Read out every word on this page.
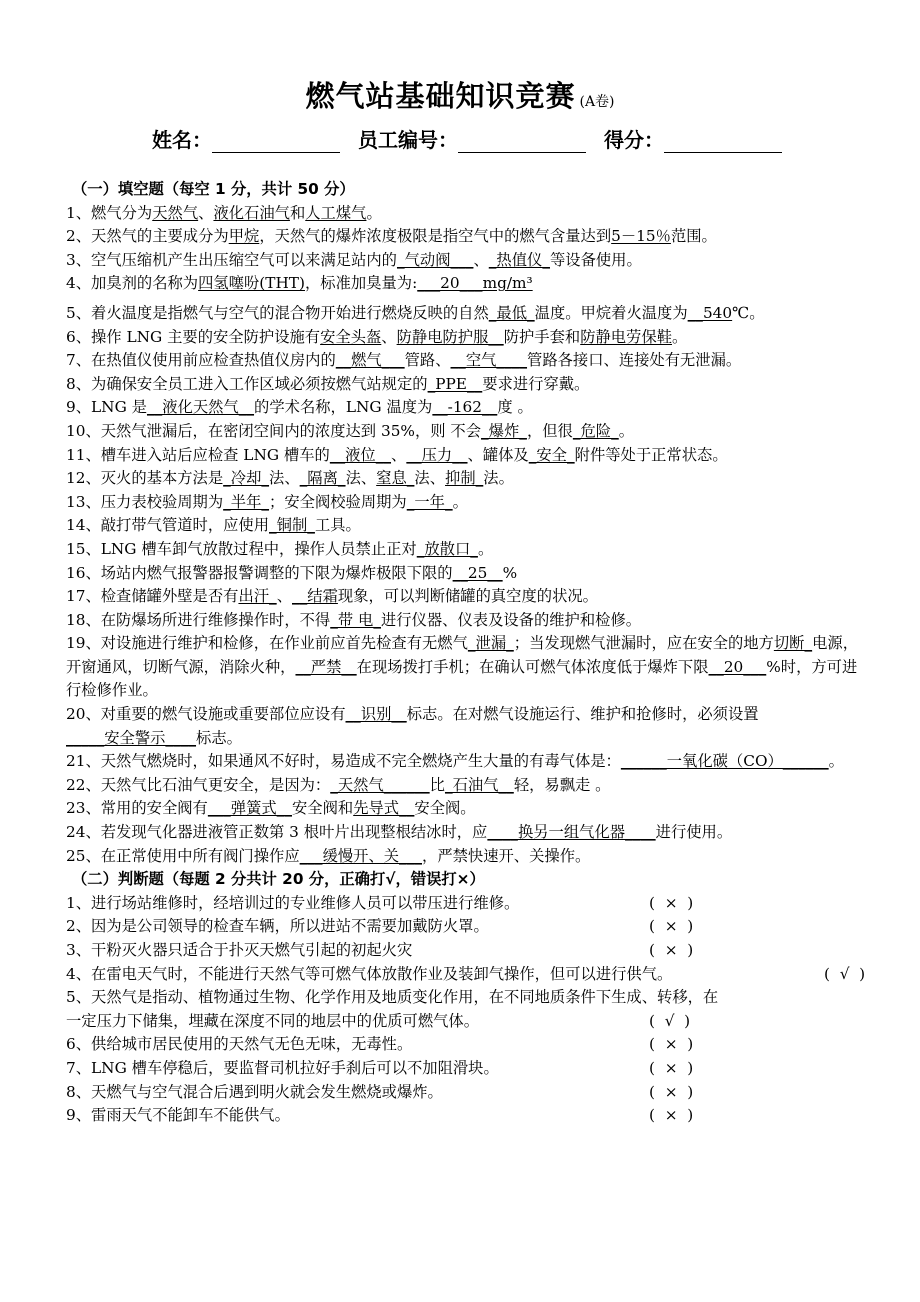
燃气站基础知识竞赛 (A卷)
姓名：	员工编号：	得分：
（一）填空题（每空 1 分，共计 50 分）
1、燃气分为天然气、液化石油气和人工煤气。
2、天然气的主要成分为甲烷，天然气的爆炸浓度极限是指空气中的燃气含量达到5－15％范围。
3、空气压缩机产生出压缩空气可以来满足站内的_气动阀___、_热值仪_等设备使用。
4、加臭剂的名称为四氢噻吩(THT)，标准加臭量为:___20___mg/m³
5、着火温度是指燃气与空气的混合物开始进行燃烧反映的自然_最低_温度。甲烷着火温度为__540℃。
6、操作 LNG 主要的安全防护设施有安全头盔、防静电防护服__防护手套和防静电劳保鞋。
7、在热值仪使用前应检查热值仪房内的__燃气___管路、__空气____管路各接口、连接处有无泄漏。
8、为确保安全员工进入工作区域必须按燃气站规定的_PPE__要求进行穿戴。
9、LNG 是__液化天然气__的学术名称，LNG 温度为__-162__度 。
10、天然气泄漏后，在密闭空间内的浓度达到 35%，则 不会_爆炸_，但很_危险_。
11、槽车进入站后应检查 LNG 槽车的__液位__、__压力__、罐体及_安全_附件等处于正常状态。
12、灭火的基本方法是_冷却_法、_隔离_法、窒息_法、抑制_法。
13、压力表校验周期为_半年_；安全阀校验周期为_一年_。
14、敲打带气管道时，应使用_铜制_工具。
15、LNG 槽车卸气放散过程中，操作人员禁止正对_放散口_。
16、场站内燃气报警器报警调整的下限为爆炸极限下限的__25__%
17、检查储罐外壁是否有出汗_、__结霜现象，可以判断储罐的真空度的状况。
18、在防爆场所进行维修操作时，不得_带 电_进行仪器、仪表及设备的维护和检修。
19、对设施进行维护和检修，在作业前应首先检查有无燃气_泄漏_；当发现燃气泄漏时，应在安全的地方切断_电源，开窗通风，切断气源，消除火种，__严禁__在现场拨打手机；在确认可燃气体浓度低于爆炸下限__20___%时，方可进行检修作业。
20、对重要的燃气设施或重要部位应设有__识别__标志。在对燃气设施运行、维护和抢修时，必须设置_____安全警示____标志。
21、天然气燃烧时，如果通风不好时，易造成不完全燃烧产生大量的有毒气体是：______一氧化碳（CO）______。
22、天然气比石油气更安全，是因为：_天然气______比_石油气__轻，易飘走 。
23、常用的安全阀有___弹簧式__安全阀和先导式__安全阀。
24、若发现气化器进液管正数第 3 根叶片出现整根结冰时，应____换另一组气化器____进行使用。
25、在正常使用中所有阀门操作应___缓慢开、关___，严禁快速开、关操作。
（二）判断题（每题 2 分共计 20 分，正确打√，错误打×）
1、进行场站维修时，经培训过的专业维修人员可以带压进行维修。	(  ×  )
2、因为是公司领导的检查车辆，所以进站不需要加戴防火罩。	(  ×  )
3、干粉灭火器只适合于扑灭天燃气引起的初起火灾	(  ×  )
4、在雷电天气时，不能进行天然气等可燃气体放散作业及装卸气操作，但可以进行供气。	(  √  )
5、天然气是指动、植物通过生物、化学作用及地质变化作用，在不同地质条件下生成、转移，在
一定压力下储集，埋藏在深度不同的地层中的优质可燃气体。	(  √  )
6、供给城市居民使用的天然气无色无味，无毒性。	(  ×  )
7、LNG 槽车停稳后，要监督司机拉好手刹后可以不加阻滑块。	(  ×  )
8、天燃气与空气混合后遇到明火就会发生燃烧或爆炸。	(  ×  )
9、雷雨天气不能卸车不能供气。	(  ×  )
